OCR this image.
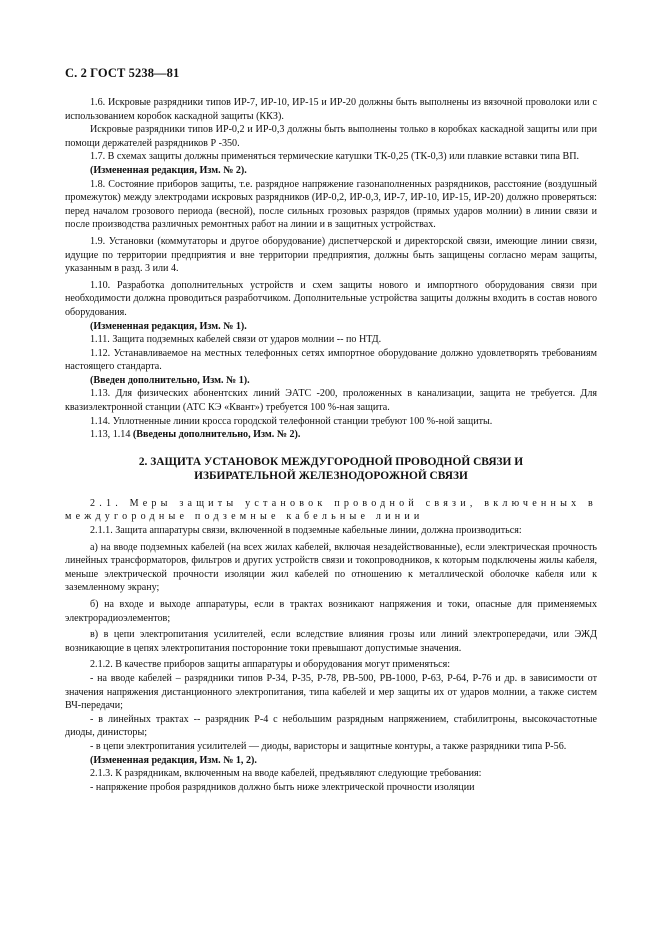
С. 2 ГОСТ 5238—81

1.6. Искровые разрядники типов ИР-7, ИР-10, ИР-15 и ИР-20 должны быть выполнены из вязочной проволоки или с использованием коробок каскадной защиты (ККЗ).

Искровые разрядники типов ИР-0,2 и ИР-0,3 должны быть выполнены только в коробках каскадной защиты или при помощи держателей разрядников Р -350.

1.7. В схемах защиты должны применяться термические катушки ТК-0,25 (ТК-0,3) или плавкие вставки типа ВП.

(Измененная редакция, Изм. № 2).

1.8. Состояние приборов защиты, т.е. разрядное напряжение газонаполненных разрядников, расстояние (воздушный промежуток) между электродами искровых разрядников (ИР-0,2, ИР-0,3, ИР-7, ИР-10, ИР-15, ИР-20) должно проверяться: перед началом грозового периода (весной), после сильных грозовых разрядов (прямых ударов молнии) в линии связи и после производства различных ремонтных работ на линии и в защитных устройствах.

1.9. Установки (коммутаторы и другое оборудование) диспетчерской и директорской связи, имеющие линии связи, идущие по территории предприятия и вне территории предприятия, должны быть защищены согласно мерам защиты, указанным в разд. 3 или 4.

1.10. Разработка дополнительных устройств и схем защиты нового и импортного оборудования связи при необходимости должна проводиться разработчиком. Дополнительные устройства защиты должны входить в состав нового оборудования.

(Измененная редакция, Изм. № 1).

1.11. Защита подземных кабелей связи от ударов молнии -- по НТД.

1.12. Устанавливаемое на местных телефонных сетях импортное оборудование должно удовлетворять требованиям настоящего стандарта.

(Введен дополнительно, Изм. № 1).

1.13. Для физических абонентских линий ЭАТС -200, проложенных в канализации, защита не требуется. Для квазиэлектронной станции (АТС КЭ «Квант») требуется 100 %-ная защита.

1.14. Уплотненные линии кросса городской телефонной станции требуют 100 %-ной защиты.

1.13, 1.14 (Введены дополнительно, Изм. № 2).

2. ЗАЩИТА УСТАНОВОК МЕЖДУГОРОДНОЙ ПРОВОДНОЙ СВЯЗИ И
ИЗБИРАТЕЛЬНОЙ ЖЕЛЕЗНОДОРОЖНОЙ СВЯЗИ

2.1. Меры защиты установок проводной связи, включенных в междугородные подземные кабельные линии

2.1.1. Защита аппаратуры связи, включенной в подземные кабельные линии, должна производиться:

а) на вводе подземных кабелей (на всех жилах кабелей, включая незадействованные), если электрическая прочность линейных трансформаторов, фильтров и других устройств связи и токопроводников, к которым подключены жилы кабеля, меньше электрической прочности изоляции жил кабелей по отношению к металлической оболочке кабеля или к заземленному экрану;

б) на входе и выходе аппаратуры, если в трактах возникают напряжения и токи, опасные для применяемых электрорадиоэлементов;

в) в цепи электропитания усилителей, если вследствие влияния грозы или линий электропередачи, или ЭЖД возникающие в цепях электропитания посторонние токи превышают допустимые значения.

2.1.2. В качестве приборов защиты аппаратуры и оборудования могут применяться:

- на вводе кабелей – разрядники типов Р-34, Р-35, Р-78, РВ-500, РВ-1000, Р-63, Р-64, Р-76 и др. в зависимости от значения напряжения дистанционного электропитания, типа кабелей и мер защиты их от ударов молнии, а также систем ВЧ-передачи;

- в линейных трактах -- разрядник Р-4 с небольшим разрядным напряжением, стабилитроны, высокочастотные диоды, динисторы;

- в цепи электропитания усилителей — диоды, варисторы и защитные контуры, а также разрядники типа Р-56.

(Измененная редакция, Изм. № 1, 2).

2.1.3. К разрядникам, включенным на вводе кабелей, предъявляют следующие требования:

- напряжение пробоя разрядников должно быть ниже электрической прочности изоляции
